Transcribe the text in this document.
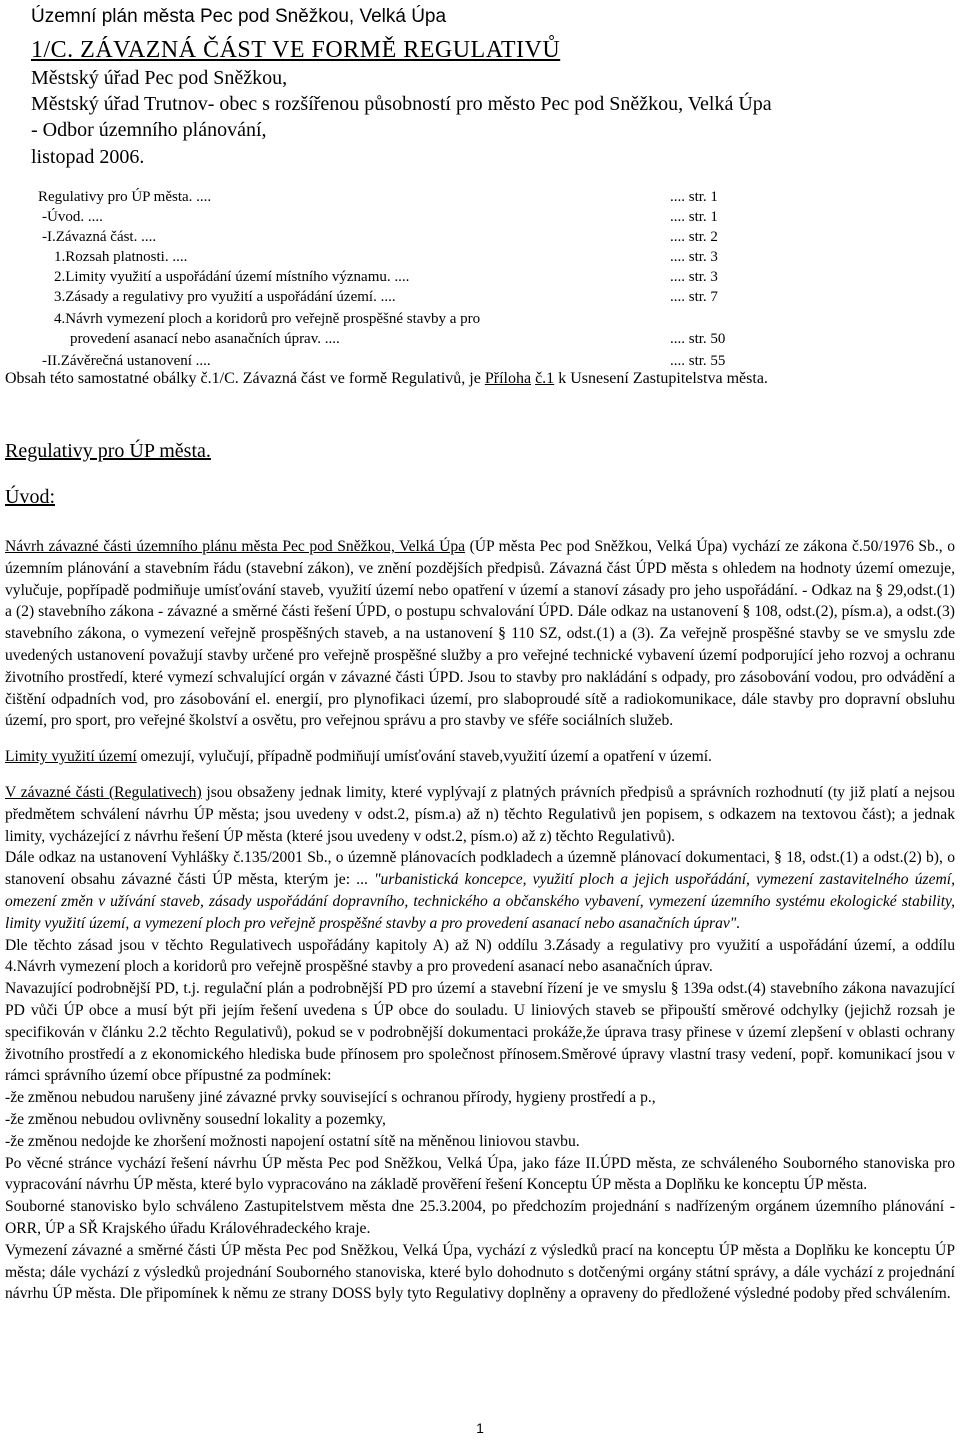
Územní plán města Pec pod Sněžkou, Velká Úpa
1/C. ZÁVAZNÁ ČÁST VE FORMĚ REGULATIVŮ
Městský úřad Pec pod Sněžkou,
Městský úřad Trutnov- obec s rozšířenou působností pro město Pec pod Sněžkou, Velká Úpa
- Odbor územního plánování,
listopad 2006.
Regulativy pro ÚP města. ....	.... str. 1
-Úvod. ....	.... str. 1
-I.Závazná část. ....	.... str. 2
1.Rozsah platnosti. ....	.... str. 3
2.Limity využití a uspořádání území místního významu. ....	.... str. 3
3.Zásady a regulativy pro využití a uspořádání území. ....	.... str. 7
4.Návrh vymezení ploch a koridorů pro veřejně prospěšné stavby a pro
provedení asanací nebo asanačních úprav. ....	.... str. 50
-II.Závěrečná ustanovení ....	.... str. 55
Obsah této samostatné obálky č.1/C. Závazná část ve formě Regulativů, je Příloha č.1 k Usnesení Zastupitelstva města.
Regulativy pro ÚP města.
Úvod:

Návrh závazné části územního plánu města Pec pod Sněžkou, Velká Úpa (ÚP města Pec pod Sněžkou, Velká Úpa) vychází ze zákona č.50/1976 Sb., o územním plánování a stavebním řádu (stavební zákon), ve znění pozdějších předpisů. Závazná část ÚPD města s ohledem na hodnoty území omezuje, vylučuje, popřípadě podmiňuje umísťování staveb, využití území nebo opatření v území a stanoví zásady pro jeho uspořádání. - Odkaz na § 29,odst.(1) a (2) stavebního zákona - závazné a směrné části řešení ÚPD, o postupu schvalování ÚPD. Dále odkaz na ustanovení § 108, odst.(2), písm.a), a odst.(3) stavebního zákona, o vymezení veřejně prospěšných staveb, a na ustanovení § 110 SZ, odst.(1) a (3). Za veřejně prospěšné stavby se ve smyslu zde uvedených ustanovení považují stavby určené pro veřejně prospěšné služby a pro veřejné technické vybavení území podporující jeho rozvoj a ochranu životního prostředí, které vymezí schvalující orgán v závazné části ÚPD. Jsou to stavby pro nakládání s odpady, pro zásobování vodou, pro odvádění a čištění odpadních vod, pro zásobování el. energií, pro plynofikaci území, pro slaboproudé sítě a radiokomunikace, dále stavby pro dopravní obsluhu území, pro sport, pro veřejné školství a osvětu, pro veřejnou správu a pro stavby ve sféře sociálních služeb.

Limity využití území omezují, vylučují, případně podmiňují umísťování staveb,využití území a opatření v území.

V závazné části (Regulativech) jsou obsaženy jednak limity, které vyplývají z platných právních předpisů a správních rozhodnutí (ty již platí a nejsou předmětem schválení návrhu ÚP města; jsou uvedeny v odst.2, písm.a) až n) těchto Regulativů jen popisem, s odkazem na textovou část); a jednak limity, vycházející z návrhu řešení ÚP města (které jsou uvedeny v odst.2, písm.o) až z) těchto Regulativů).

Dále odkaz na ustanovení Vyhlášky č.135/2001 Sb., o územně plánovacích podkladech a územně plánovací dokumentaci, § 18, odst.(1) a odst.(2) b), o stanovení obsahu závazné části ÚP města, kterým je: ... "urbanistická koncepce, využití ploch a jejich uspořádání, vymezení zastavitelného území, omezení změn v užívání staveb, zásady uspořádání dopravního, technického a občanského vybavení, vymezení územního systému ekologické stability, limity využití území, a vymezení ploch pro veřejně prospěšné stavby a pro provedení asanací nebo asanačních úprav".

Dle těchto zásad jsou v těchto Regulativech uspořádány kapitoly A) až N) oddílu 3.Zásady a regulativy pro využití a uspořádání území, a oddílu 4.Návrh vymezení ploch a koridorů pro veřejně prospěšné stavby a pro provedení asanací nebo asanačních úprav.

Navazující podrobnější PD, t.j. regulační plán a podrobnější PD pro území a stavební řízení je ve smyslu § 139a odst.(4) stavebního zákona navazující PD vůči ÚP obce a musí být při jejím řešení uvedena s ÚP obce do souladu. U liniových staveb se připouští směrové odchylky (jejichž rozsah je specifikován v článku 2.2 těchto Regulativů), pokud se v podrobnější dokumentaci prokáže,že úprava trasy přinese v území zlepšení v oblasti ochrany životního prostředí a z ekonomického hlediska bude přínosem pro společnost přínosem.Směrové úpravy vlastní trasy vedení, popř. komunikací jsou v rámci správního území obce přípustné za podmínek:

-že změnou nebudou narušeny jiné závazné prvky související s ochranou přírody, hygieny prostředí a p.,

-že změnou nebudou ovlivněny sousední lokality a pozemky,

-že změnou nedojde ke zhoršení možnosti napojení ostatní sítě na měněnou liniovou stavbu.

Po věcné stránce vychází řešení návrhu ÚP města Pec pod Sněžkou, Velká Úpa, jako fáze II.ÚPD města, ze schváleného Souborného stanoviska pro vypracování návrhu ÚP města, které bylo vypracováno na základě prověření řešení Konceptu ÚP města a Doplňku ke konceptu ÚP města.

Souborné stanovisko bylo schváleno Zastupitelstvem města dne 25.3.2004, po předchozím projednání s nadřízeným orgánem územního plánování - ORR, ÚP a SŘ Krajského úřadu Královéhradeckého kraje.

Vymezení závazné a směrné části ÚP města Pec pod Sněžkou, Velká Úpa, vychází z výsledků prací na konceptu ÚP města a Doplňku ke konceptu ÚP města; dále vychází z výsledků projednání Souborného stanoviska, které bylo dohodnuto s dotčenými orgány státní správy, a dále vychází z projednání návrhu ÚP města. Dle připomínek k němu ze strany DOSS byly tyto Regulativy doplněny a opraveny do předložené výsledné podoby před schválením.

1
